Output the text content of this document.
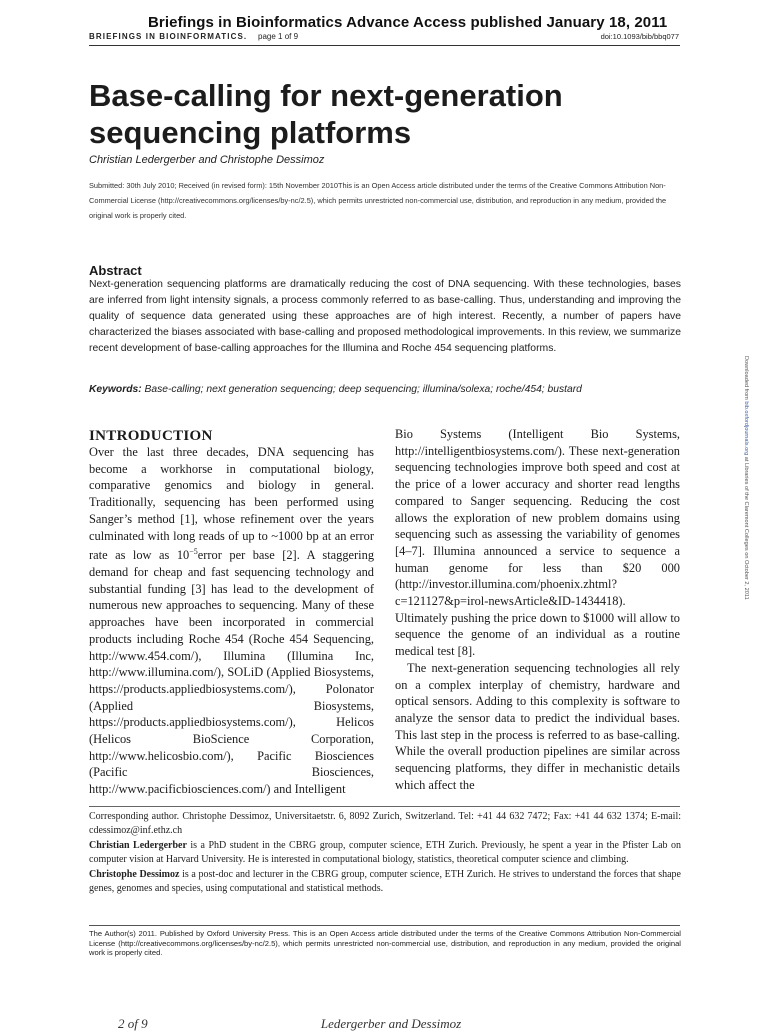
Briefings in Bioinformatics Advance Access published January 18, 2011
BRIEFINGS IN BIOINFORMATICS. page 1 of 9	doi:10.1093/bib/bbq077
Base-calling for next-generation sequencing platforms
Christian Ledergerber and Christophe Dessimoz
Submitted: 30th July 2010; Received (in revised form): 15th November 2010This is an Open Access article distributed under the terms of the Creative Commons Attribution Non-Commercial License (http://creativecommons.org/licenses/by-nc/2.5), which permits unrestricted non-commercial use, distribution, and reproduction in any medium, provided the original work is properly cited.
Abstract
Next-generation sequencing platforms are dramatically reducing the cost of DNA sequencing. With these technologies, bases are inferred from light intensity signals, a process commonly referred to as base-calling. Thus, understanding and improving the quality of sequence data generated using these approaches are of high interest. Recently, a number of papers have characterized the biases associated with base-calling and proposed methodological improvements. In this review, we summarize recent development of base-calling approaches for the Illumina and Roche 454 sequencing platforms.
Keywords: Base-calling; next generation sequencing; deep sequencing; illumina/solexa; roche/454; bustard
INTRODUCTION

Over the last three decades, DNA sequencing has become a workhorse in computational biology, comparative genomics and biology in general. Traditionally, sequencing has been performed using Sanger’s method [1], whose refinement over the years culminated with long reads of up to ~1000 bp at an error rate as low as $10^{-5}error$ per base [2]. A staggering demand for cheap and fast sequencing technology and substantial funding [3] has lead to the development of numerous new approaches to sequencing. Many of these approaches have been incorporated in commercial products including Roche 454 (Roche 454 Sequencing, http://www.454.com/), Illumina (Illumina Inc, http://www.illumina.com/), SOLiD (Applied Biosystems, https://products.appliedbiosystems.com/), Polonator (Applied Biosystems, https://products.appliedbiosystems.com/), Helicos (Helicos BioScience Corporation, http://www.helicosbio.com/), Pacific Biosciences (Pacific Biosciences, http://www.pacificbiosciences.com/) and Intelligent

Bio Systems (Intelligent Bio Systems, http://intelligentbiosystems.com/). These next-generation sequencing technologies improve both speed and cost at the price of a lower accuracy and shorter read lengths compared to Sanger sequencing. Reducing the cost allows the exploration of new problem domains using sequencing such as assessing the variability of genomes [4–7]. Illumina announced a service to sequence a human genome for less than $20 000 (http://investor.illumina.com/phoenix.zhtml?c=121127&p=irol-newsArticle&ID-1434418). Ultimately pushing the price down to $1000 will allow to sequence the genome of an individual as a routine medical test [8].

The next-generation sequencing technologies all rely on a complex interplay of chemistry, hardware and optical sensors. Adding to this complexity is software to analyze the sensor data to predict the individual bases. This last step in the process is referred to as base-calling. While the overall production pipelines are similar across sequencing platforms, they differ in mechanistic details which affect the

Corresponding author. Christophe Dessimoz, Universitaetstr. 6, 8092 Zurich, Switzerland. Tel: +41 44 632 7472; Fax: +41 44 632 1374; E-mail: cdessimoz@inf.ethz.ch

Christian Ledergerber is a PhD student in the CBRG group, computer science, ETH Zurich. Previously, he spent a year in the Pfister Lab on computer vision at Harvard University. He is interested in computational biology, statistics, theoretical computer science and climbing.

Christophe Dessimoz is a post-doc and lecturer in the CBRG group, computer science, ETH Zurich. He strives to understand the forces that shape genes, genomes and species, using computational and statistical methods.

The Author(s) 2011. Published by Oxford University Press. This is an Open Access article distributed under the terms of the Creative Commons Attribution Non-Commercial License (http://creativecommons.org/licenses/by-nc/2.5), which permits unrestricted non-commercial use, distribution, and reproduction in any medium, provided the original work is properly cited.
Downloaded from bib.oxfordjournals.org at Libraries of the Claremont Colleges on October 2, 2011
2 of 9	Ledergerber and Dessimoz
